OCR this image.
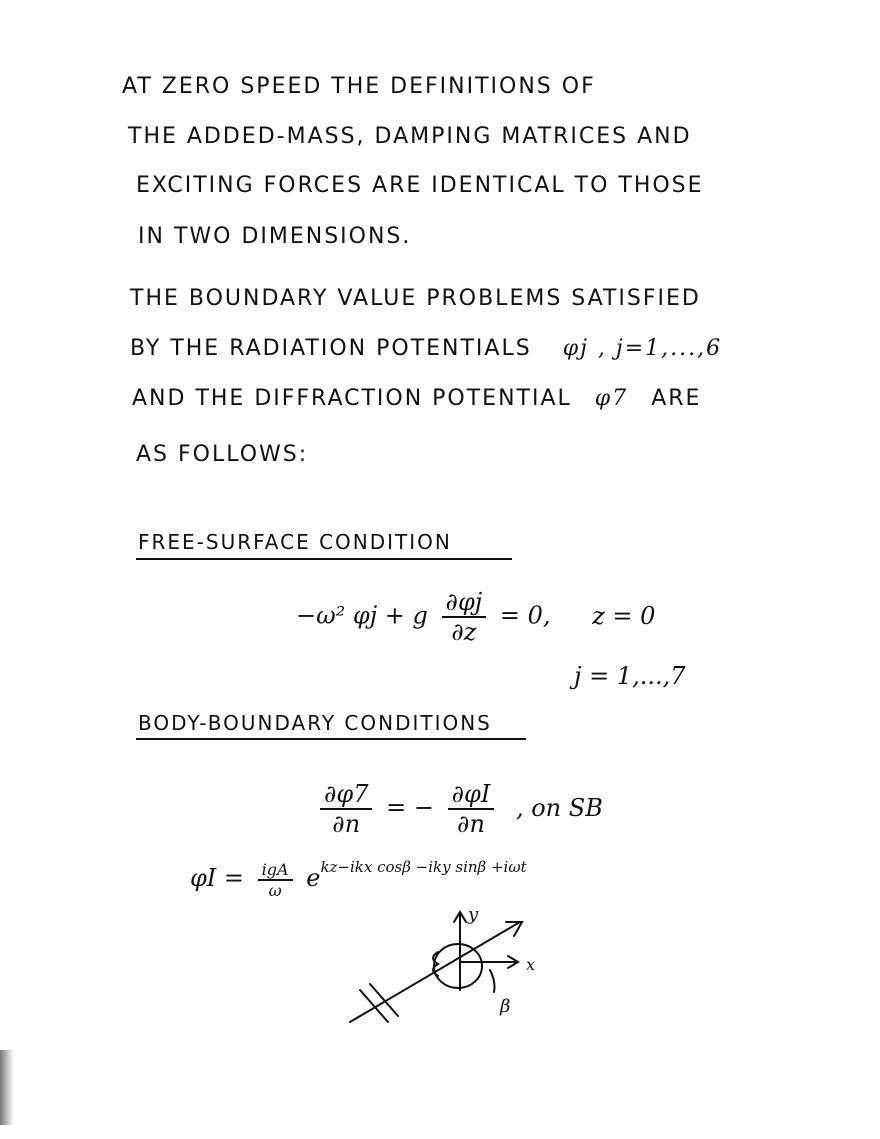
AT ZERO SPEED THE DEFINITIONS OF
THE ADDED-MASS, DAMPING MATRICES AND
EXCITING FORCES ARE IDENTICAL TO THOSE
IN TWO DIMENSIONS.
THE BOUNDARY VALUE PROBLEMS SATISFIED
BY THE RADIATION POTENTIALS φj , j=1,...,6
AND THE DIFFRACTION POTENTIAL φ7 ARE
AS FOLLOWS:
FREE-SURFACE CONDITION
−ω² φj + g $\frac{\partial\varphi j}{\partial z} = 0$, z = 0
j = 1,...,7
BODY-BOUNDARY CONDITIONS
$\frac{\partial\varphi 7}{\partial n}$ = − $\frac{\partial\varphi I}{\partial n}$ , on SB
$\varphi I = \frac{\text{igA}}{\omega} e^{kz-ikx cos\beta -iky sin\beta +i\omega t}$
y
x
β
